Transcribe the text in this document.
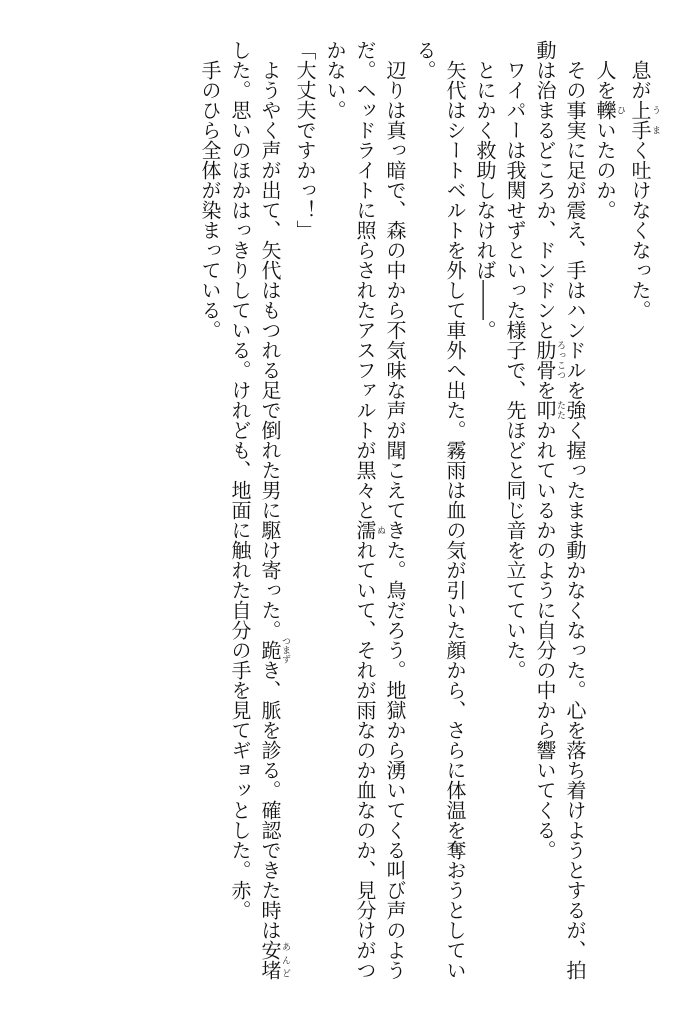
息が上手うまく吐けなくなった。

人を轢ひいたのか。

その事実に足が震え、手はハンドルを強く握ったまま動かなくなった。心を落ち着けようとするが、拍動は治まるどころか、ドンドンと肋骨ろっこつを叩たたかれているかのように自分の中から響いてくる。

ワイパーは我関せずといった様子で、先ほどと同じ音を立てていた。

とにかく救助しなければ――。

矢代はシートベルトを外して車外へ出た。霧雨は血の気が引いた顔から、さらに体温を奪おうとしている。

辺りは真っ暗で、森の中から不気味な声が聞こえてきた。鳥だろう。地獄から湧いてくる叫び声のようだ。ヘッドライトに照らされたアスファルトが黒々と濡ぬれていて、それが雨なのか血なのか、見分けがつかない。

「大丈夫ですかっ！」

ようやく声が出て、矢代はもつれる足で倒れた男に駆け寄った。跪つまずき、脈を診る。確認できた時は安堵あんどした。思いのほかはっきりしている。けれども、地面に触れた自分の手を見てギョッとした。赤。

手のひら全体が染まっている。
